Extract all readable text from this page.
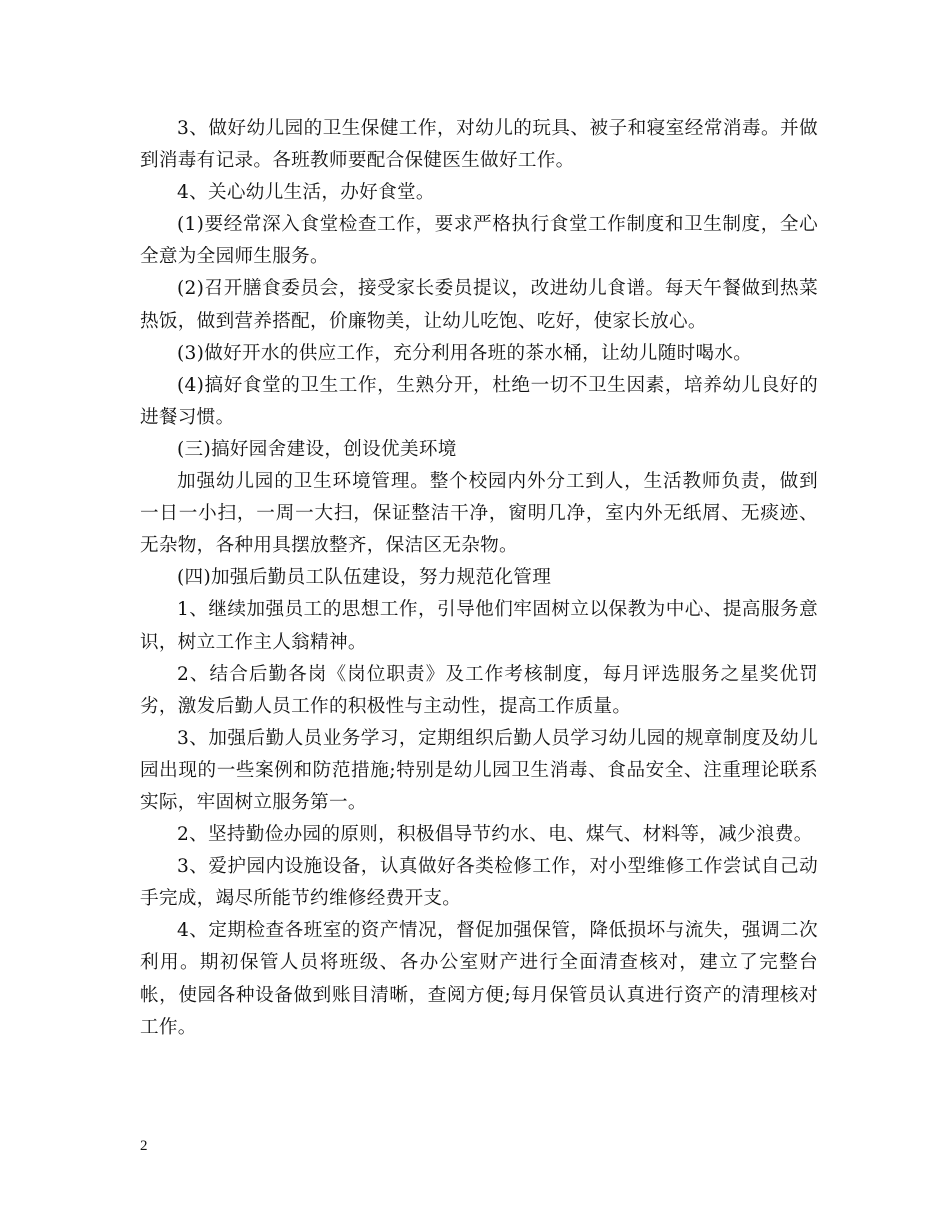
3、做好幼儿园的卫生保健工作，对幼儿的玩具、被子和寝室经常消毒。并做到消毒有记录。各班教师要配合保健医生做好工作。

4、关心幼儿生活，办好食堂。

(1)要经常深入食堂检查工作，要求严格执行食堂工作制度和卫生制度，全心全意为全园师生服务。

(2)召开膳食委员会，接受家长委员提议，改进幼儿食谱。每天午餐做到热菜热饭，做到营养搭配，价廉物美，让幼儿吃饱、吃好，使家长放心。

(3)做好开水的供应工作，充分利用各班的茶水桶，让幼儿随时喝水。

(4)搞好食堂的卫生工作，生熟分开，杜绝一切不卫生因素，培养幼儿良好的进餐习惯。

(三)搞好园舍建设，创设优美环境

加强幼儿园的卫生环境管理。整个校园内外分工到人，生活教师负责，做到一日一小扫，一周一大扫，保证整洁干净，窗明几净，室内外无纸屑、无痰迹、无杂物，各种用具摆放整齐，保洁区无杂物。

(四)加强后勤员工队伍建设，努力规范化管理

1、继续加强员工的思想工作，引导他们牢固树立以保教为中心、提高服务意识，树立工作主人翁精神。

2、结合后勤各岗《岗位职责》及工作考核制度，每月评选服务之星奖优罚劣，激发后勤人员工作的积极性与主动性，提高工作质量。

3、加强后勤人员业务学习，定期组织后勤人员学习幼儿园的规章制度及幼儿园出现的一些案例和防范措施;特别是幼儿园卫生消毒、食品安全、注重理论联系实际，牢固树立服务第一。

2、坚持勤俭办园的原则，积极倡导节约水、电、煤气、材料等，减少浪费。

3、爱护园内设施设备，认真做好各类检修工作，对小型维修工作尝试自己动手完成，竭尽所能节约维修经费开支。

4、定期检查各班室的资产情况，督促加强保管，降低损坏与流失，强调二次利用。期初保管人员将班级、各办公室财产进行全面清查核对，建立了完整台帐，使园各种设备做到账目清晰，查阅方便;每月保管员认真进行资产的清理核对工作。

2
